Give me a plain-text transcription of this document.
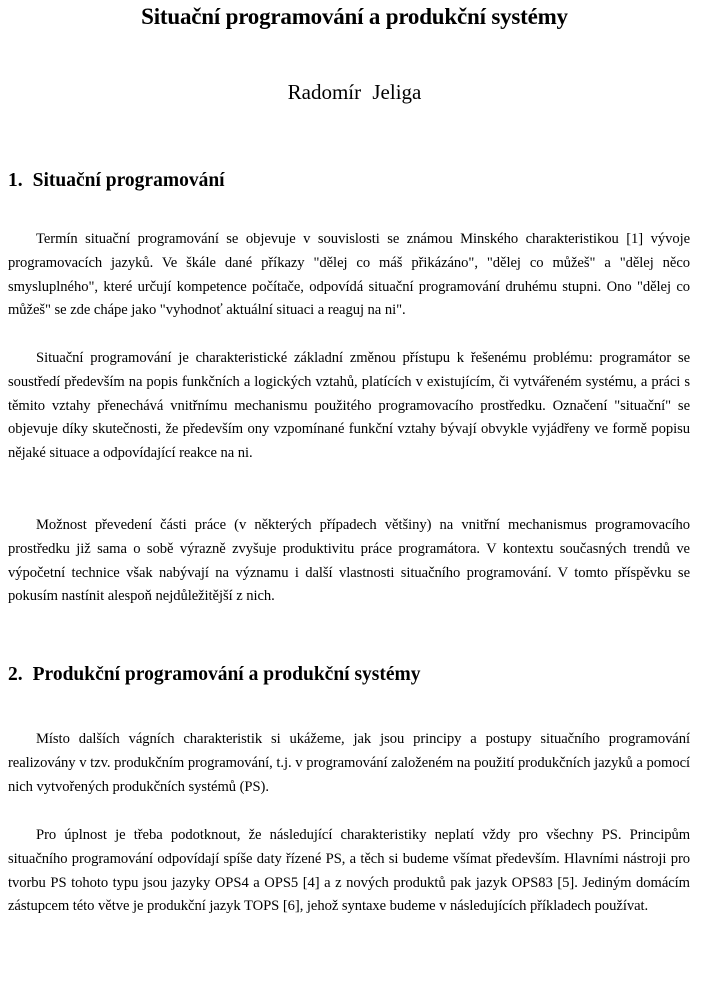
Situační programování a produkční systémy

Radomír Jeliga

1. Situační programování

Termín situační programování se objevuje v souvislosti se známou Minského charakteristikou [1] vývoje programovacích jazyků. Ve škále dané příkazy "dělej co máš přikázáno", "dělej co můžeš" a "dělej něco smysluplného", které určují kompetence počítače, odpovídá situační programování druhému stupni. Ono "dělej co můžeš" se zde chápe jako "vyhodnoť aktuální situaci a reaguj na ni".

Situační programování je charakteristické základní změnou přístupu k řešenému problému: programátor se soustředí především na popis funkčních a logických vztahů, platících v existujícím, či vytvářeném systému, a práci s těmito vztahy přenechává vnitřnímu mechanismu použitého programovacího prostředku. Označení "situační" se objevuje díky skutečnosti, že především ony vzpomínané funkční vztahy bývají obvykle vyjádřeny ve formě popisu nějaké situace a odpovídající reakce na ni.

Možnost převedení části práce (v některých případech většiny) na vnitřní mechanismus programovacího prostředku již sama o sobě výrazně zvyšuje produktivitu práce programátora. V kontextu současných trendů ve výpočetní technice však nabývají na významu i další vlastnosti situačního programování. V tomto příspěvku se pokusím nastínit alespoň nejdůležitější z nich.

2. Produkční programování a produkční systémy

Místo dalších vágních charakteristik si ukážeme, jak jsou principy a postupy situačního programování realizovány v tzv. produkčním programování, t.j. v programování založeném na použití produkčních jazyků a pomocí nich vytvořených produkčních systémů (PS).

Pro úplnost je třeba podotknout, že následující charakteristiky neplatí vždy pro všechny PS. Principům situačního programování odpovídají spíše daty řízené PS, a těch si budeme všímat především. Hlavními nástroji pro tvorbu PS tohoto typu jsou jazyky OPS4 a OPS5 [4] a z nových produktů pak jazyk OPS83 [5]. Jediným domácím zástupcem této větve je produkční jazyk TOPS [6], jehož syntaxe budeme v následujících příkladech používat.
